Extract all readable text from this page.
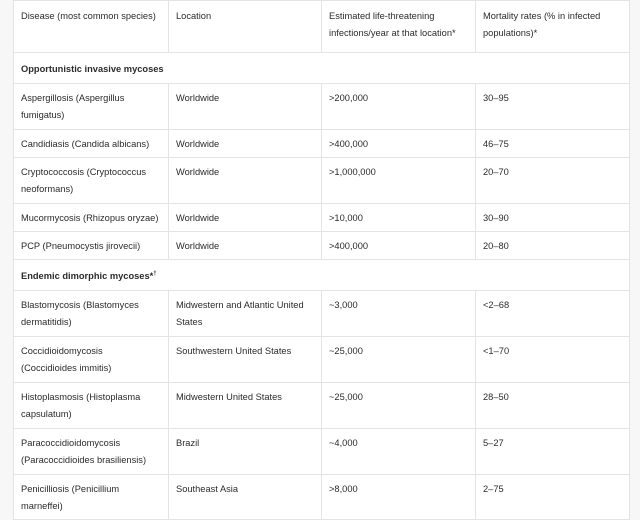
Disease (most common species)	Location	Estimated life-threatening infections/year at that location*	Mortality rates (% in infected populations)*
Opportunistic invasive mycoses			
Aspergillosis (Aspergillus fumigatus)	Worldwide	>200,000	30–95
Candidiasis (Candida albicans)	Worldwide	>400,000	46–75
Cryptococcosis (Cryptococcus neoformans)	Worldwide	>1,000,000	20–70
Mucormycosis (Rhizopus oryzae)	Worldwide	>10,000	30–90
PCP (Pneumocystis jirovecii)	Worldwide	>400,000	20–80
Endemic dimorphic mycoses*†
Blastomycosis (Blastomyces dermatitidis)	Midwestern and Atlantic United States	~3,000	<2–68
Coccidioidomycosis (Coccidioides immitis)	Southwestern United States	~25,000	<1–70
Histoplasmosis (Histoplasma capsulatum)	Midwestern United States	~25,000	28–50
Paracoccidioidomycosis (Paracoccidioides brasiliensis)	Brazil	~4,000	5–27
Penicilliosis (Penicillium marneffei)	Southeast Asia	>8,000	2–75
